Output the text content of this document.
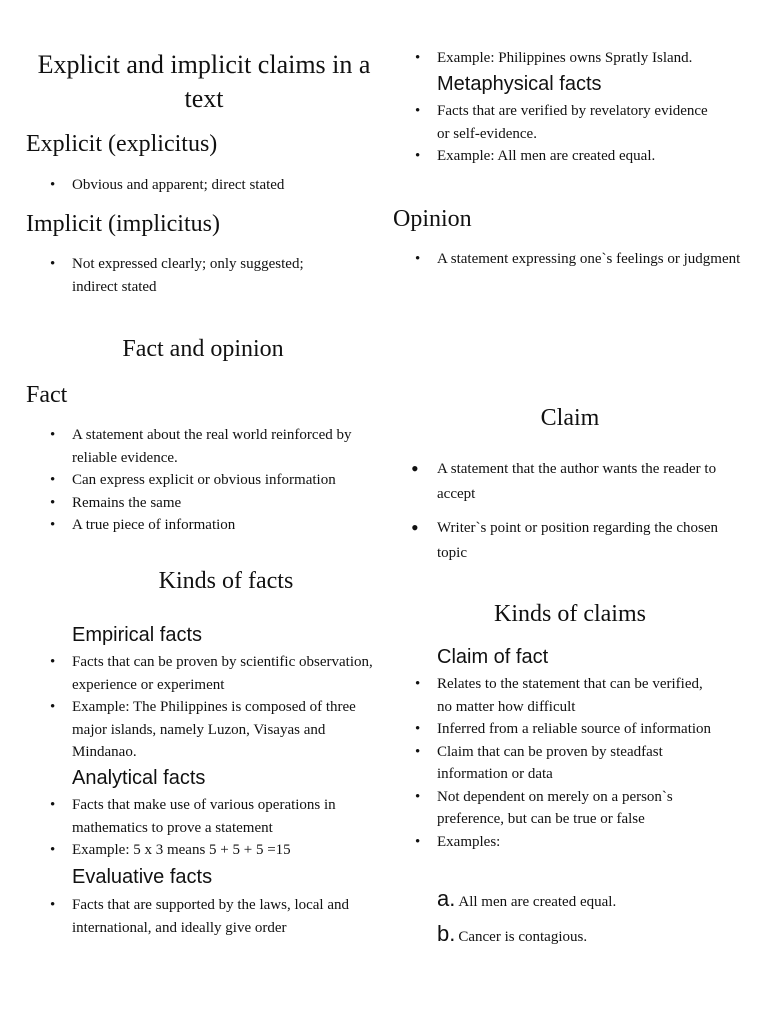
Explicit and implicit claims in a text
Explicit (explicitus)
• Obvious and apparent; direct stated
Implicit (implicitus)
• Not expressed clearly; only suggested; indirect stated
Fact and opinion
Fact
• A statement about the real world reinforced by reliable evidence.
• Can express explicit or obvious information
• Remains the same
• A true piece of information
Kinds of facts
Empirical facts
• Facts that can be proven by scientific observation, experience or experiment
• Example: The Philippines is composed of three major islands, namely Luzon, Visayas and Mindanao.
Analytical facts
• Facts that make use of various operations in mathematics to prove a statement
• Example: 5 x 3 means 5 + 5 + 5 =15
Evaluative facts
• Facts that are supported by the laws, local and international, and ideally give order
• Example: Philippines owns Spratly Island.
Metaphysical facts
• Facts that are verified by revelatory evidence or self-evidence.
• Example: All men are created equal.
Opinion
• A statement expressing one`s feelings or judgment
Claim
• A statement that the author wants the reader to accept
• Writer`s point or position regarding the chosen topic
Kinds of claims
Claim of fact
• Relates to the statement that can be verified, no matter how difficult
• Inferred from a reliable source of information
• Claim that can be proven by steadfast information or data
• Not dependent on merely on a person`s preference, but can be true or false
• Examples:
a. All men are created equal.
b. Cancer is contagious.
